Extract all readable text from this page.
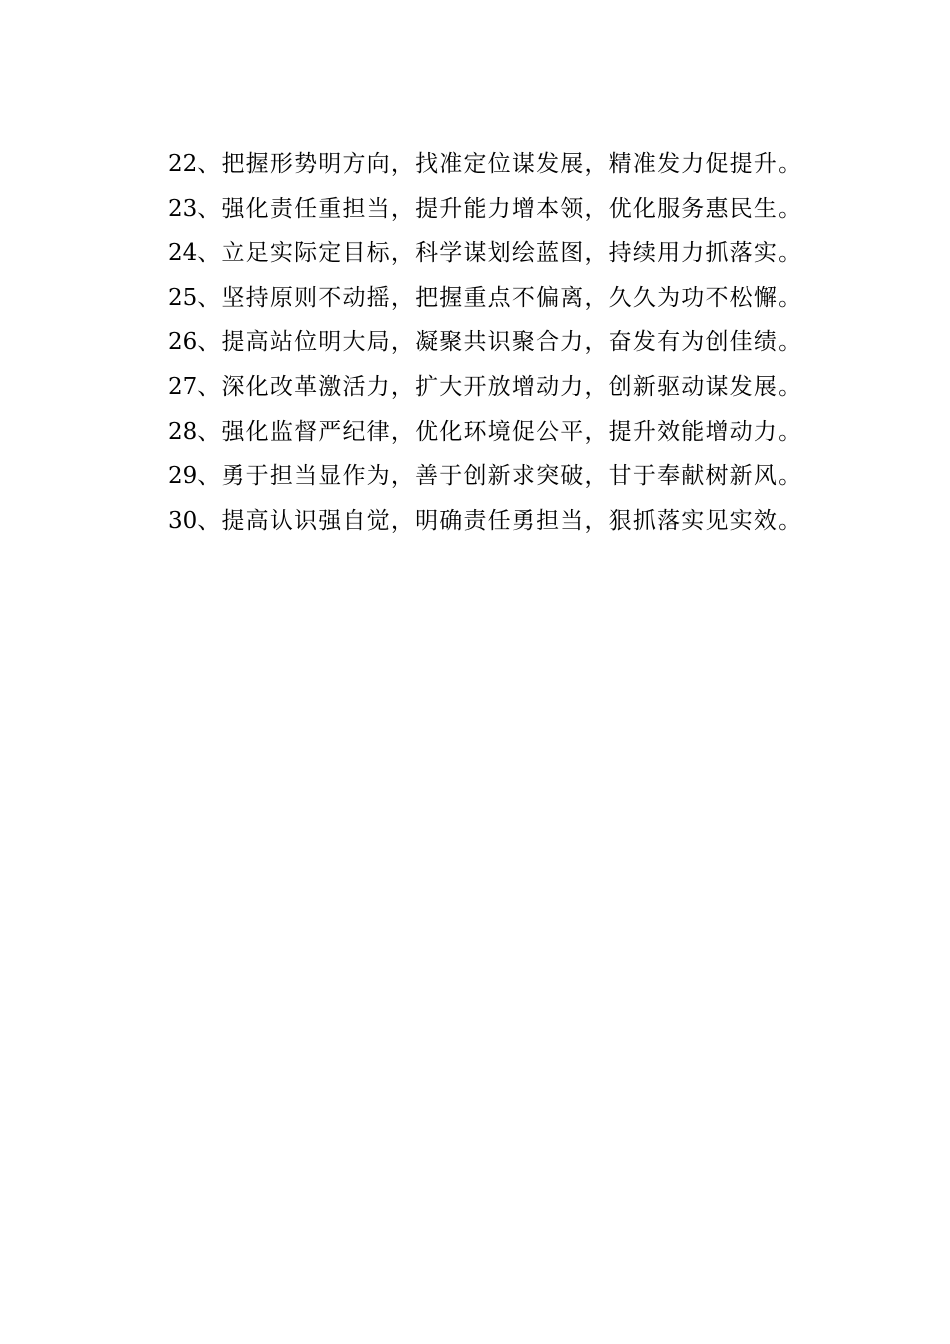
22、把握形势明方向，找准定位谋发展，精准发力促提升。
23、强化责任重担当，提升能力增本领，优化服务惠民生。
24、立足实际定目标，科学谋划绘蓝图，持续用力抓落实。
25、坚持原则不动摇，把握重点不偏离，久久为功不松懈。
26、提高站位明大局，凝聚共识聚合力，奋发有为创佳绩。
27、深化改革激活力，扩大开放增动力，创新驱动谋发展。
28、强化监督严纪律，优化环境促公平，提升效能增动力。
29、勇于担当显作为，善于创新求突破，甘于奉献树新风。
30、提高认识强自觉，明确责任勇担当，狠抓落实见实效。
